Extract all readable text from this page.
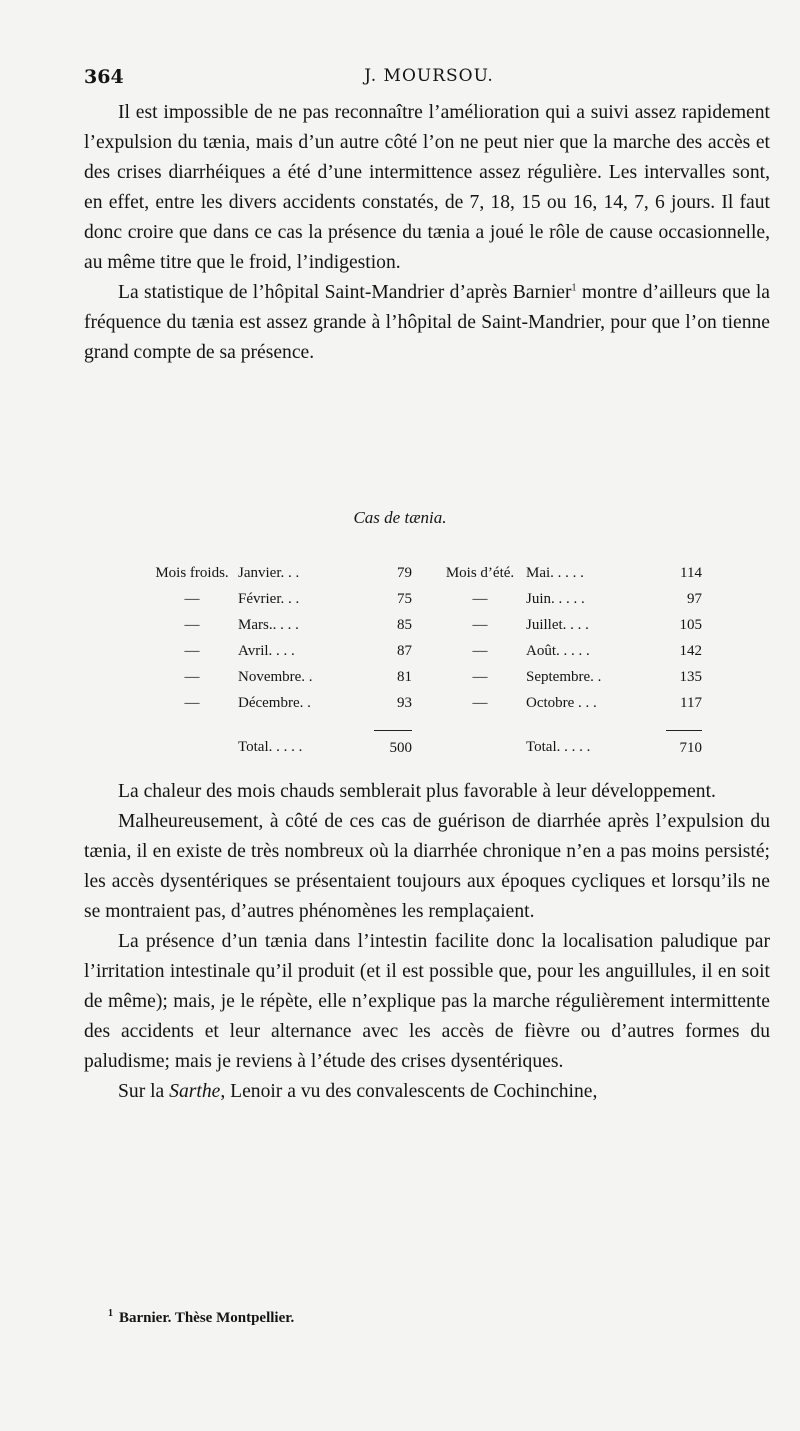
364	J. MOURSOU.

Il est impossible de ne pas reconnaître l’amélioration qui a suivi assez rapidement l’expulsion du tænia, mais d’un autre côté l’on ne peut nier que la marche des accès et des crises diarrhéiques a été d’une intermittence assez régulière. Les intervalles sont, en effet, entre les divers accidents constatés, de 7, 18, 15 ou 16, 14, 7, 6 jours. Il faut donc croire que dans ce cas la présence du tænia a joué le rôle de cause occasionnelle, au même titre que le froid, l’indigestion.

La statistique de l’hôpital Saint-Mandrier d’après Barnier$^1$ montre d’ailleurs que la fréquence du tænia est assez grande à l’hôpital de Saint-Mandrier, pour que l’on tienne grand compte de sa présence.

Cas de tænia.
Mois froids.	Janvier. . .	79		Mois d’été.	Mai. . . . .	114
—	Février. . .	75		—	Juin. . . . .	97
—	Mars.. . . .	85		—	Juillet. . . .	105
—	Avril. . . .	87		—	Août. . . . .	142
—	Novembre. .	81		—	Septembre. .	135
—	Décembre. .	93		—	Octobre . . .	117

	Total. . . . .	500			Total. . . . .	710

La chaleur des mois chauds semblerait plus favorable à leur développement.

Malheureusement, à côté de ces cas de guérison de diarrhée après l’expulsion du tænia, il en existe de très nombreux où la diarrhée chronique n’en a pas moins persisté; les accès dysentériques se présentaient toujours aux époques cycliques et lorsqu’ils ne se montraient pas, d’autres phénomènes les remplaçaient.

La présence d’un tænia dans l’intestin facilite donc la localisation paludique par l’irritation intestinale qu’il produit (et il est possible que, pour les anguillules, il en soit de même); mais, je le répète, elle n’explique pas la marche régulièrement intermittente des accidents et leur alternance avec les accès de fièvre ou d’autres formes du paludisme; mais je reviens à l’étude des crises dysentériques.

Sur la Sarthe, Lenoir a vu des convalescents de Cochinchine,

$^1$ Barnier. Thèse Montpellier.
